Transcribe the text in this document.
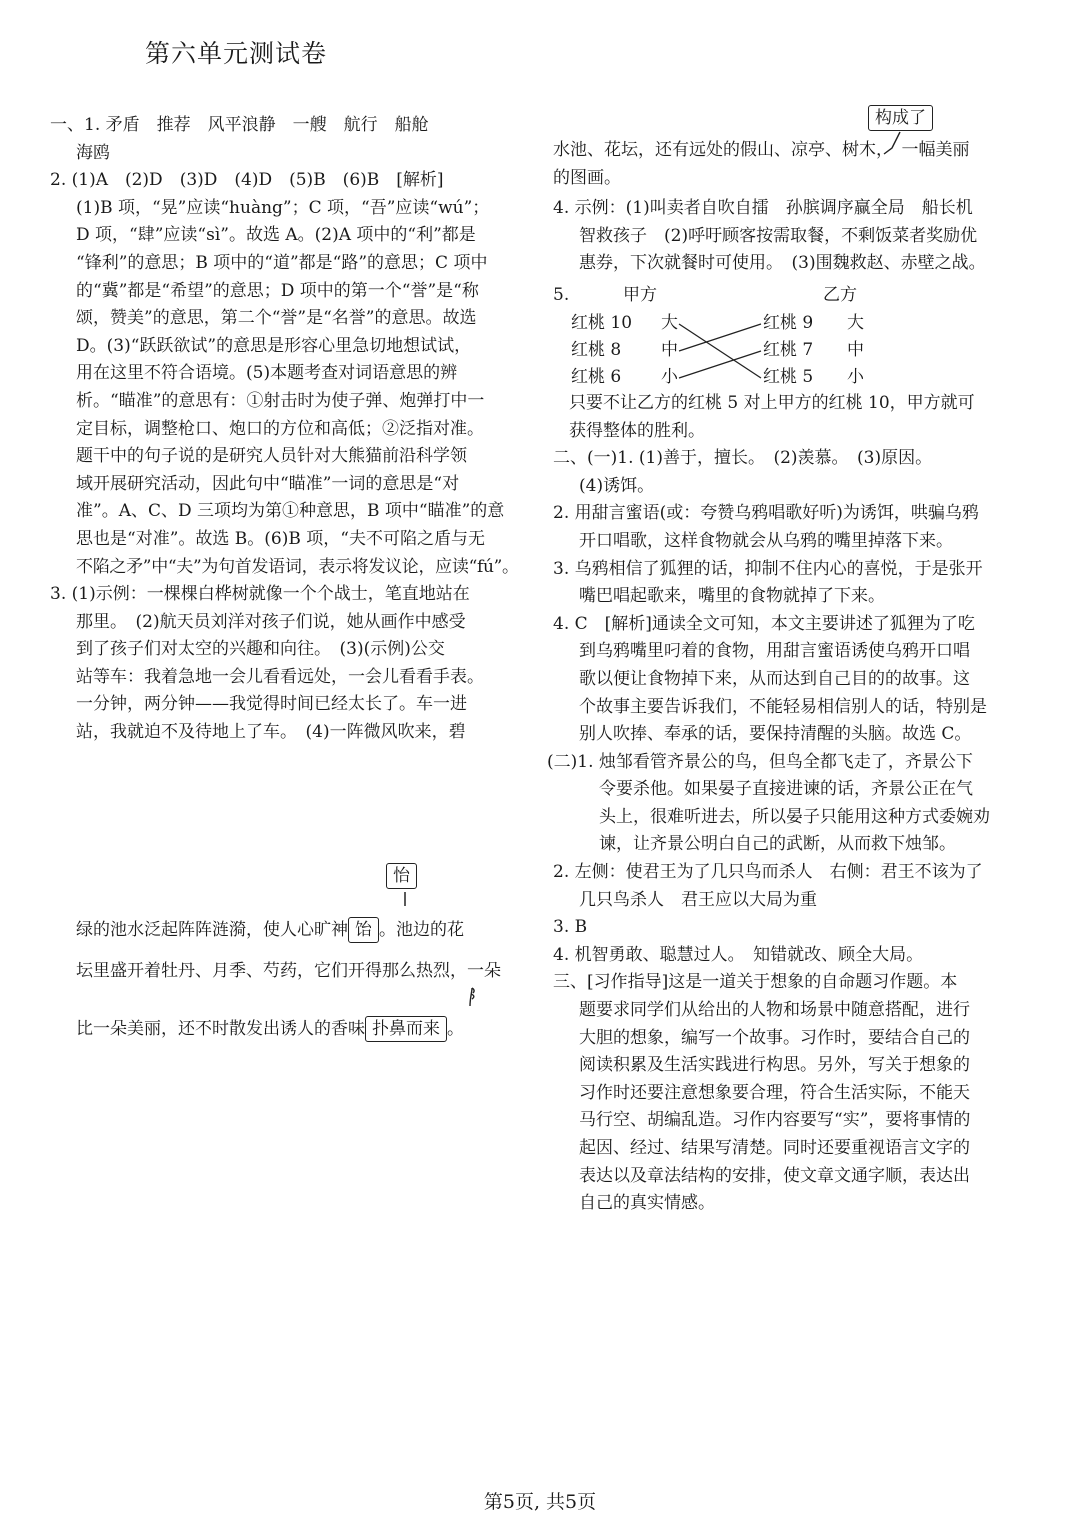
第六单元测试卷
一、1. 矛盾　推荐　风平浪静　一艘　航行　船舱
海鸥
2. (1)A　(2)D　(3)D　(4)D　(5)B　(6)B　[解析]
(1)B 项，“晃”应读“huàng”；C 项，“吾”应读“wú”；
D 项，“肆”应读“sì”。故选 A。(2)A 项中的“利”都是
“锋利”的意思；B 项中的“道”都是“路”的意思；C 项中
的“冀”都是“希望”的意思；D 项中的第一个“誉”是“称
颂，赞美”的意思，第二个“誉”是“名誉”的意思。故选
D。(3)“跃跃欲试”的意思是形容心里急切地想试试，
用在这里不符合语境。(5)本题考查对词语意思的辨
析。“瞄准”的意思有：①射击时为使子弹、炮弹打中一
定目标，调整枪口、炮口的方位和高低；②泛指对准。
题干中的句子说的是研究人员针对大熊猫前沿科学领
域开展研究活动，因此句中“瞄准”一词的意思是“对
准”。A、C、D 三项均为第①种意思，B 项中“瞄准”的意
思也是“对准”。故选 B。(6)B 项，“夫不可陷之盾与无
不陷之矛”中“夫”为句首发语词，表示将发议论，应读“fú”。
3. (1)示例：一棵棵白桦树就像一个个战士，笔直地站在
那里。　(2)航天员刘洋对孩子们说，她从画作中感受
到了孩子们对太空的兴趣和向往。　(3)(示例)公交
站等车：我着急地一会儿看看远处，一会儿看看手表。
一分钟，两分钟——我觉得时间已经太长了。车一进
站，我就迫不及待地上了车。　(4)一阵微风吹来，碧
怡
绿的池水泛起阵阵涟漪，使人心旷神 饴 。池边的花
坛里盛开着牡丹、月季、芍药，它们开得那么热烈，一朵
比一朵美丽，还不时散发出诱人的香味 扑鼻而来 。
构成了
水池、花坛，还有远处的假山、凉亭、树木，　一幅美丽
的图画。
4. 示例：(1)叫卖者自吹自擂　孙膑调序赢全局　船长机
智救孩子　(2)呼吁顾客按需取餐，不剩饭菜者奖励优
惠券，下次就餐时可使用。　(3)围魏救赵、赤壁之战。
5.	甲方	乙方
红桃 10 大	红桃 9 大
红桃 8 中	红桃 7 中
红桃 6 小	红桃 5 小
只要不让乙方的红桃 5 对上甲方的红桃 10，甲方就可
获得整体的胜利。
二、(一)1. (1)善于，擅长。　(2)羡慕。　(3)原因。
(4)诱饵。
2. 用甜言蜜语(或：夸赞乌鸦唱歌好听)为诱饵，哄骗乌鸦
开口唱歌，这样食物就会从乌鸦的嘴里掉落下来。
3. 乌鸦相信了狐狸的话，抑制不住内心的喜悦，于是张开
嘴巴唱起歌来，嘴里的食物就掉了下来。
4. C　[解析]通读全文可知，本文主要讲述了狐狸为了吃
到乌鸦嘴里叼着的食物，用甜言蜜语诱使乌鸦开口唱
歌以便让食物掉下来，从而达到自己目的的故事。这
个故事主要告诉我们，不能轻易相信别人的话，特别是
别人吹捧、奉承的话，要保持清醒的头脑。故选 C。
(二)1. 烛邹看管齐景公的鸟，但鸟全都飞走了，齐景公下
令要杀他。如果晏子直接进谏的话，齐景公正在气
头上，很难听进去，所以晏子只能用这种方式委婉劝
谏，让齐景公明白自己的武断，从而救下烛邹。
2. 左侧：使君王为了几只鸟而杀人　右侧：君王不该为了
几只鸟杀人　君王应以大局为重
3. B
4. 机智勇敢、聪慧过人。　知错就改、顾全大局。
三、[习作指导]这是一道关于想象的自命题习作题。本
题要求同学们从给出的人物和场景中随意搭配，进行
大胆的想象，编写一个故事。习作时，要结合自己的
阅读积累及生活实践进行构思。另外，写关于想象的
习作时还要注意想象要合理，符合生活实际，不能天
马行空、胡编乱造。习作内容要写“实”，要将事情的
起因、经过、结果写清楚。同时还要重视语言文字的
表达以及章法结构的安排，使文章文通字顺，表达出
自己的真实情感。
第5页, 共5页
